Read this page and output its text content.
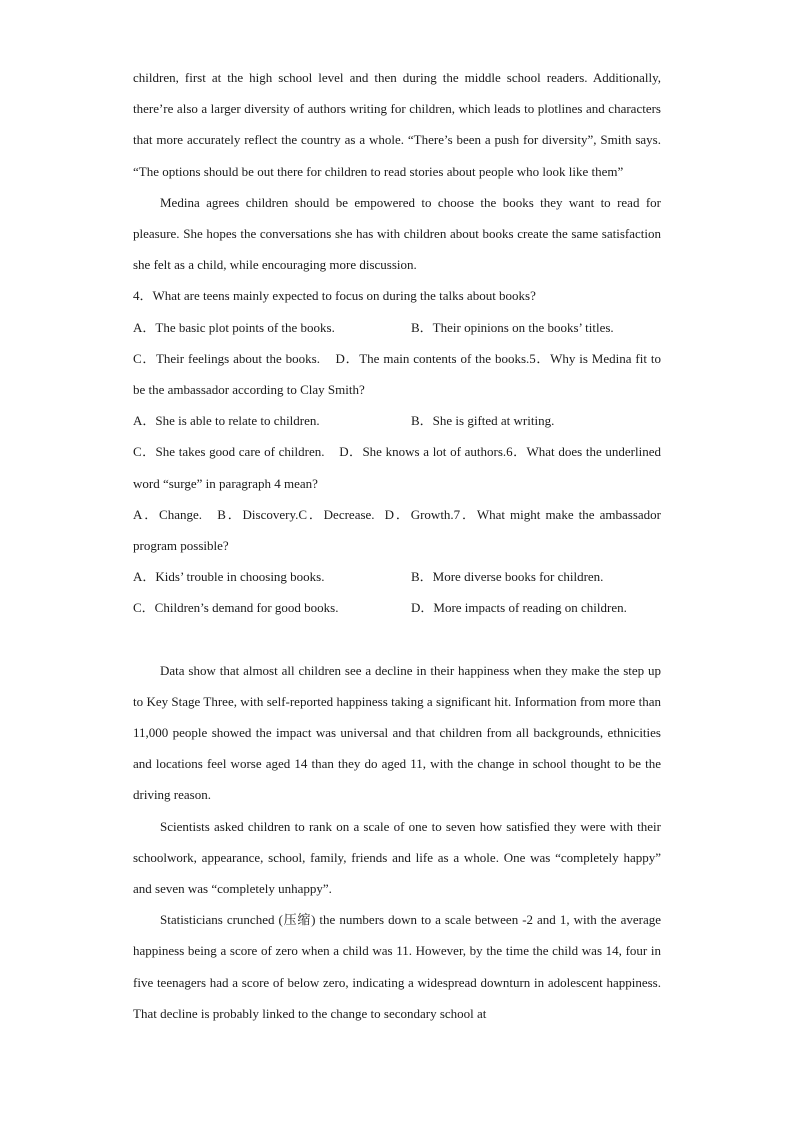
children, first at the high school level and then during the middle school readers. Additionally, there’re also a larger diversity of authors writing for children, which leads to plotlines and characters that more accurately reflect the country as a whole. “There’s been a push for diversity”, Smith says. “The options should be out there for children to read stories about people who look like them”

Medina agrees children should be empowered to choose the books they want to read for pleasure. She hopes the conversations she has with children about books create the same satisfaction she felt as a child, while encouraging more discussion.

4．What are teens mainly expected to focus on during the talks about books?

A．The basic plot points of the books.	B．Their opinions on the books’ titles.

C．Their feelings about the books.    D．The main contents of the books.5．Why is Medina fit to be the ambassador according to Clay Smith?

A．She is able to relate to children.	B．She is gifted at writing.

C．She takes good care of children.    D．She knows a lot of authors.6．What does the underlined word “surge” in paragraph 4 mean?

A．Change.   B．Discovery.C．Decrease.  D．Growth.7．What might make the ambassador program possible?

A．Kids’ trouble in choosing books.	B．More diverse books for children.
C．Children’s demand for good books.	D．More impacts of reading on children.

Data show that almost all children see a decline in their happiness when they make the step up to Key Stage Three, with self-reported happiness taking a significant hit. Information from more than 11,000 people showed the impact was universal and that children from all backgrounds, ethnicities and locations feel worse aged 14 than they do aged 11, with the change in school thought to be the driving reason.

Scientists asked children to rank on a scale of one to seven how satisfied they were with their schoolwork, appearance, school, family, friends and life as a whole. One was “completely happy” and seven was “completely unhappy”.

Statisticians crunched (压缩) the numbers down to a scale between -2 and 1, with the average happiness being a score of zero when a child was 11. However, by the time the child was 14, four in five teenagers had a score of below zero, indicating a widespread downturn in adolescent happiness. That decline is probably linked to the change to secondary school at
